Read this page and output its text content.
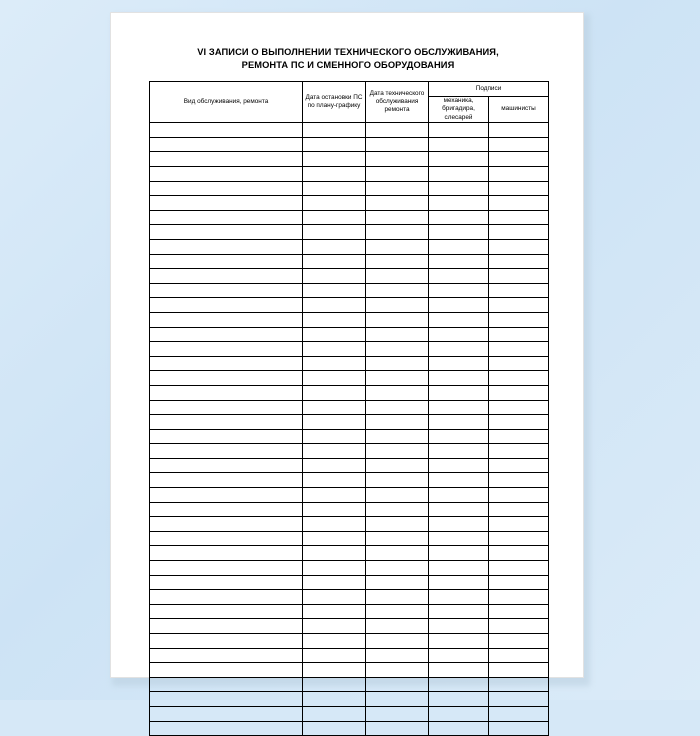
VI ЗАПИСИ О ВЫПОЛНЕНИИ ТЕХНИЧЕСКОГО ОБСЛУЖИВАНИЯ,
РЕМОНТА ПС И СМЕННОГО ОБОРУДОВАНИЯ
Вид обслуживания, ремонта	Дата остановки ПС по плану-графику	Дата технического обслуживания ремонта	Подписи	
			механика, бригадира, слесарей	машинисты
